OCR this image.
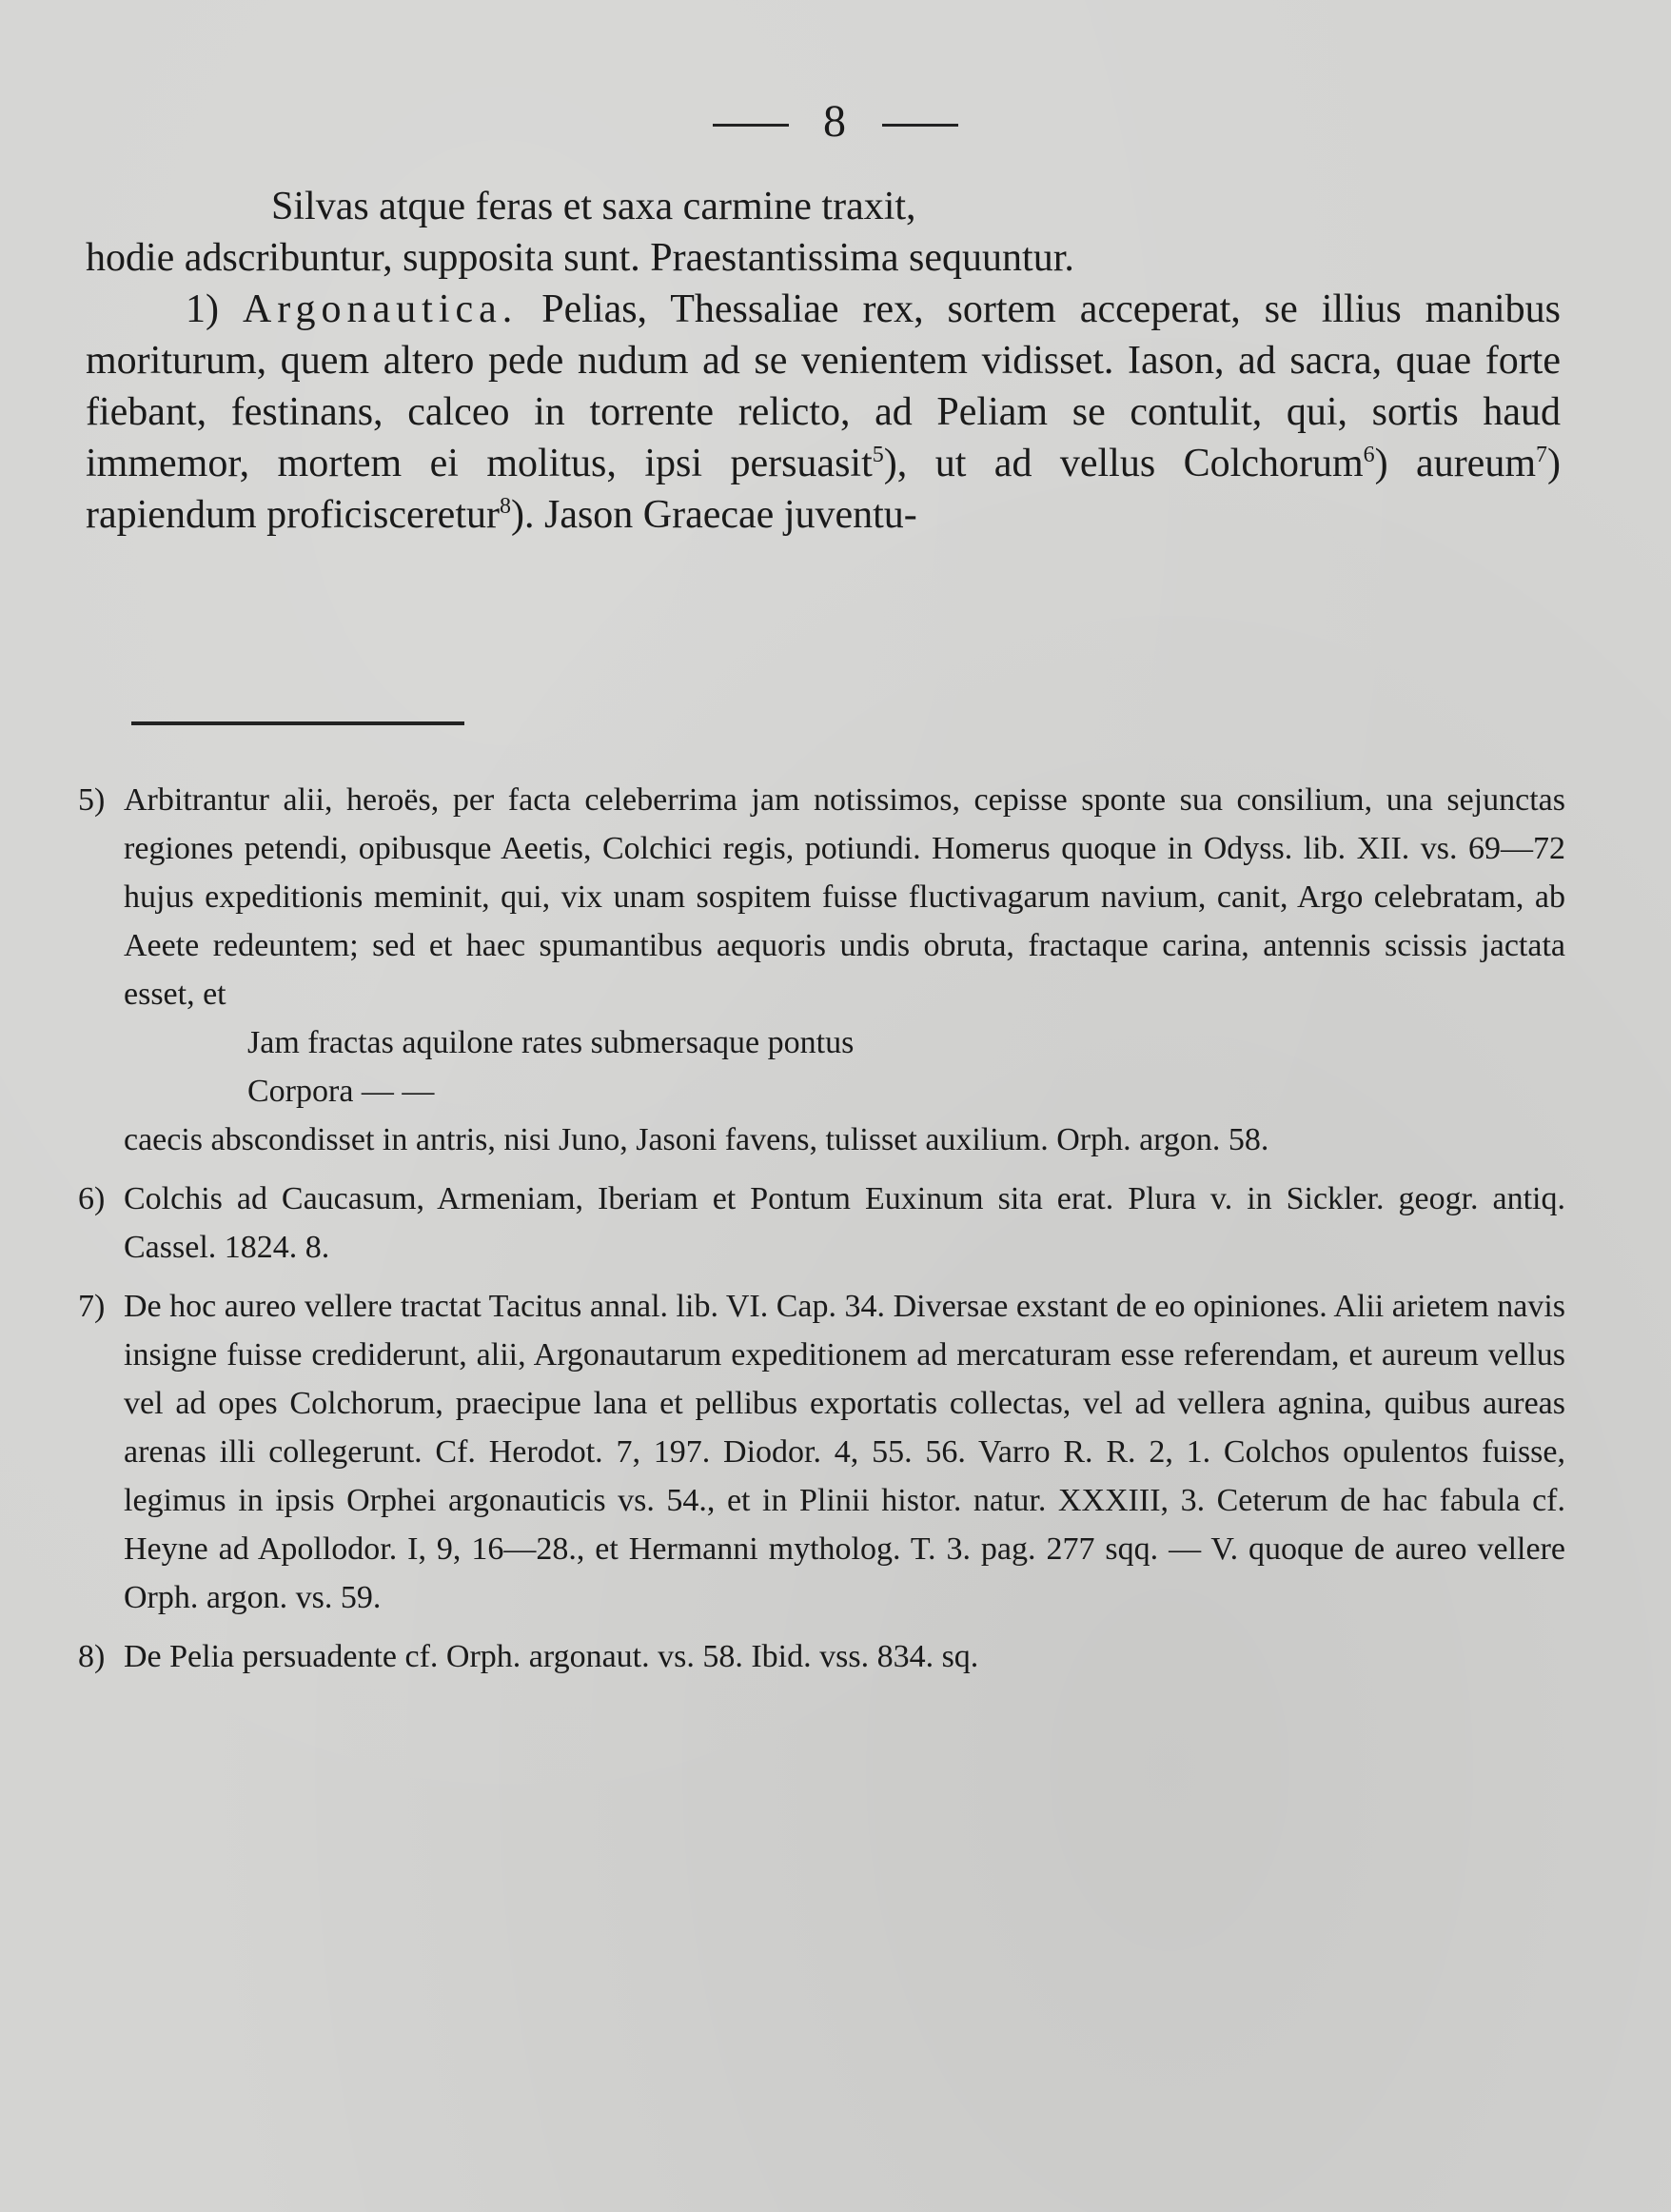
8

Silvas atque feras et saxa carmine traxit,

hodie adscribuntur, supposita sunt. Praestantissima sequuntur.

1) Argonautica. Pelias, Thessaliae rex, sortem acceperat, se illius manibus moriturum, quem altero pede nudum ad se venientem vidisset. Iason, ad sacra, quae forte fiebant, festinans, calceo in torrente relicto, ad Peliam se contulit, qui, sortis haud immemor, mortem ei molitus, ipsi persuasit$^5$), ut ad vellus Colchorum$^6$) aureum$^7$) rapiendum proficisceretur$^8$). Jason Graecae juventu-

5) Arbitrantur alii, heroës, per facta celeberrima jam notissimos, cepisse sponte sua consilium, una sejunctas regiones petendi, opibusque Aeetis, Colchici regis, potiundi. Homerus quoque in Odyss. lib. XII. vs. 69—72 hujus expeditionis meminit, qui, vix unam sospitem fuisse fluctivagarum navium, canit, Argo celebratam, ab Aeete redeuntem; sed et haec spumantibus aequoris undis obruta, fractaque carina, antennis scissis jactata esset, et

Jam fractas aquilone rates submersaque pontus
Corpora — —

caecis abscondisset in antris, nisi Juno, Jasoni favens, tulisset auxilium. Orph. argon. 58.

6) Colchis ad Caucasum, Armeniam, Iberiam et Pontum Euxinum sita erat. Plura v. in Sickler. geogr. antiq. Cassel. 1824. 8.

7) De hoc aureo vellere tractat Tacitus annal. lib. VI. Cap. 34. Diversae exstant de eo opiniones. Alii arietem navis insigne fuisse crediderunt, alii, Argonautarum expeditionem ad mercaturam esse referendam, et aureum vellus vel ad opes Colchorum, praecipue lana et pellibus exportatis collectas, vel ad vellera agnina, quibus aureas arenas illi collegerunt. Cf. Herodot. 7, 197. Diodor. 4, 55. 56. Varro R. R. 2, 1. Colchos opulentos fuisse, legimus in ipsis Orphei argonauticis vs. 54., et in Plinii histor. natur. XXXIII, 3. Ceterum de hac fabula cf. Heyne ad Apollodor. I, 9, 16—28., et Hermanni mytholog. T. 3. pag. 277 sqq. — V. quoque de aureo vellere Orph. argon. vs. 59.

8) De Pelia persuadente cf. Orph. argonaut. vs. 58. Ibid. vss. 834. sq.
